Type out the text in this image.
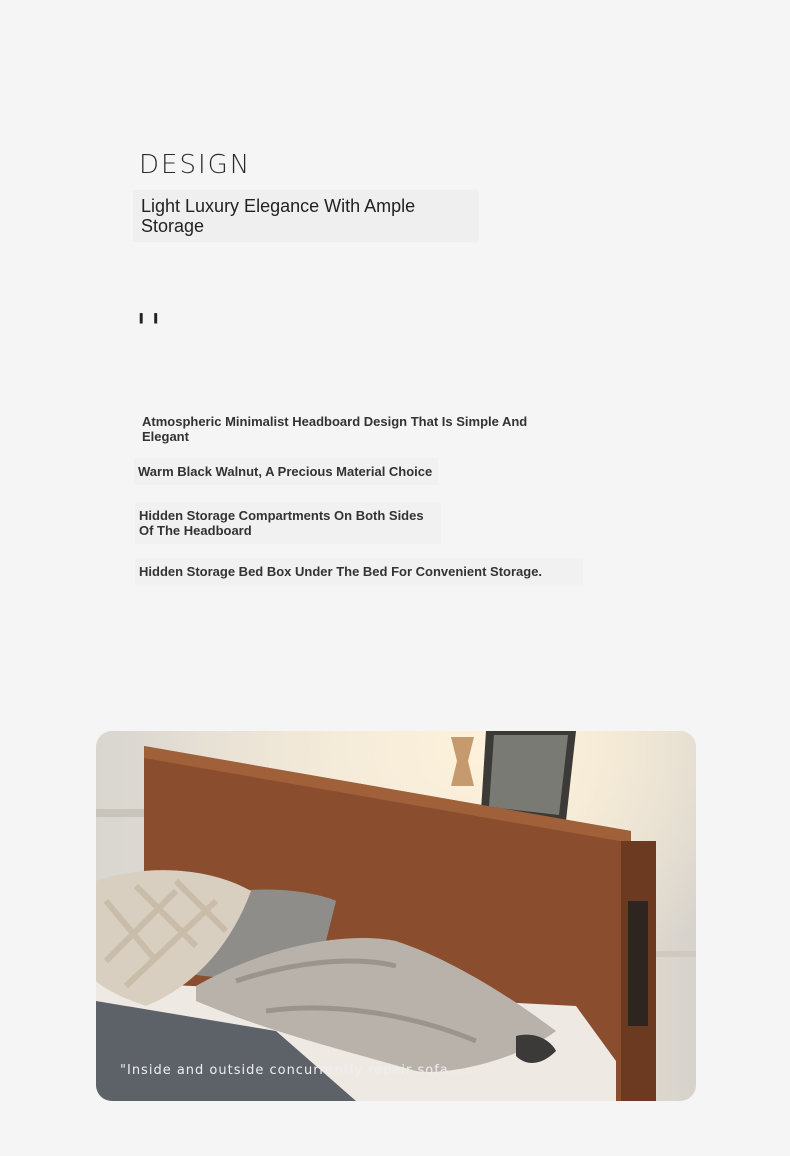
DESIGN
Light Luxury Elegance With Ample Storage
''
Atmospheric Minimalist Headboard Design That Is Simple And Elegant
Warm Black Walnut, A Precious Material Choice
Hidden Storage Compartments On Both Sides Of The Headboard
Hidden Storage Bed Box Under The Bed For Convenient Storage.
"Inside and outside concurrently repair sofa......
